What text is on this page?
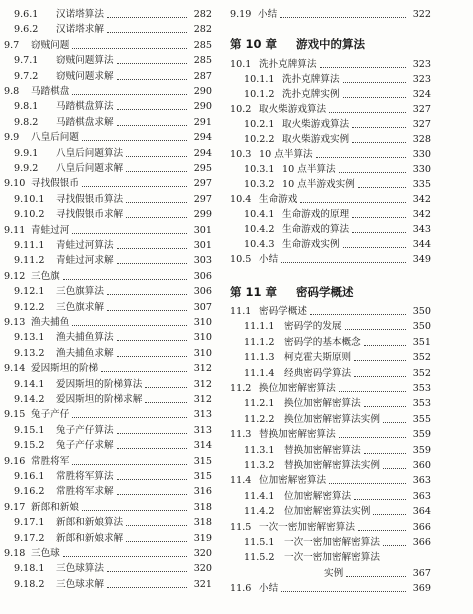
9.6.1 汉诺塔算法	282
9.6.2 汉诺塔求解	282
9.7 窃贼问题	285
9.7.1 窃贼问题算法	285
9.7.2 窃贼问题求解	287
9.8 马踏棋盘	290
9.8.1 马踏棋盘算法	290
9.8.2 马踏棋盘求解	291
9.9 八皇后问题	294
9.9.1 八皇后问题算法	294
9.9.2 八皇后问题求解	295
9.10 寻找假银币	297
9.10.1 寻找假银币算法	297
9.10.2 寻找假银币求解	299
9.11 青蛙过河	301
9.11.1 青蛙过河算法	301
9.11.2 青蛙过河求解	303
9.12 三色旗	306
9.12.1 三色旗算法	306
9.12.2 三色旗求解	307
9.13 渔夫捕鱼	310
9.13.1 渔夫捕鱼算法	310
9.13.2 渔夫捕鱼求解	310
9.14 爱因斯坦的阶梯	312
9.14.1 爱因斯坦的阶梯算法	312
9.14.2 爱因斯坦的阶梯求解	312
9.15 兔子产仔	313
9.15.1 兔子产仔算法	313
9.15.2 兔子产仔求解	314
9.16 常胜将军	315
9.16.1 常胜将军算法	315
9.16.2 常胜将军求解	316
9.17 新郎和新娘	318
9.17.1 新郎和新娘算法	318
9.17.2 新郎和新娘求解	319
9.18 三色球	320
9.18.1 三色球算法	320
9.18.2 三色球求解	321
第 10 章 游戏中的算法
第 11 章 密码学概述
9.19 小结	322
10.1 洗扑克牌算法	323
10.1.1 洗扑克牌算法	323
10.1.2 洗扑克牌实例	324
10.2 取火柴游戏算法	327
10.2.1 取火柴游戏算法	327
10.2.2 取火柴游戏实例	328
10.3 10 点半算法	330
10.3.1 10 点半算法	330
10.3.2 10 点半游戏实例	335
10.4 生命游戏	342
10.4.1 生命游戏的原理	342
10.4.2 生命游戏的算法	343
10.4.3 生命游戏实例	344
10.5 小结	349
11.1 密码学概述	350
11.1.1 密码学的发展	350
11.1.2 密码学的基本概念	351
11.1.3 柯克霍夫斯原则	352
11.1.4 经典密码学算法	352
11.2 换位加密解密算法	353
11.2.1 换位加密解密算法	353
11.2.2 换位加密解密算法实例	355
11.3 替换加密解密算法	359
11.3.1 替换加密解密算法	359
11.3.2 替换加密解密算法实例	360
11.4 位加密解密算法	363
11.4.1 位加密解密算法	363
11.4.2 位加密解密算法实例	364
11.5 一次一密加密解密算法	366
11.5.1 一次一密加密解密算法	366
11.5.2 一次一密加密解密算法
实例	367
11.6 小结	369
